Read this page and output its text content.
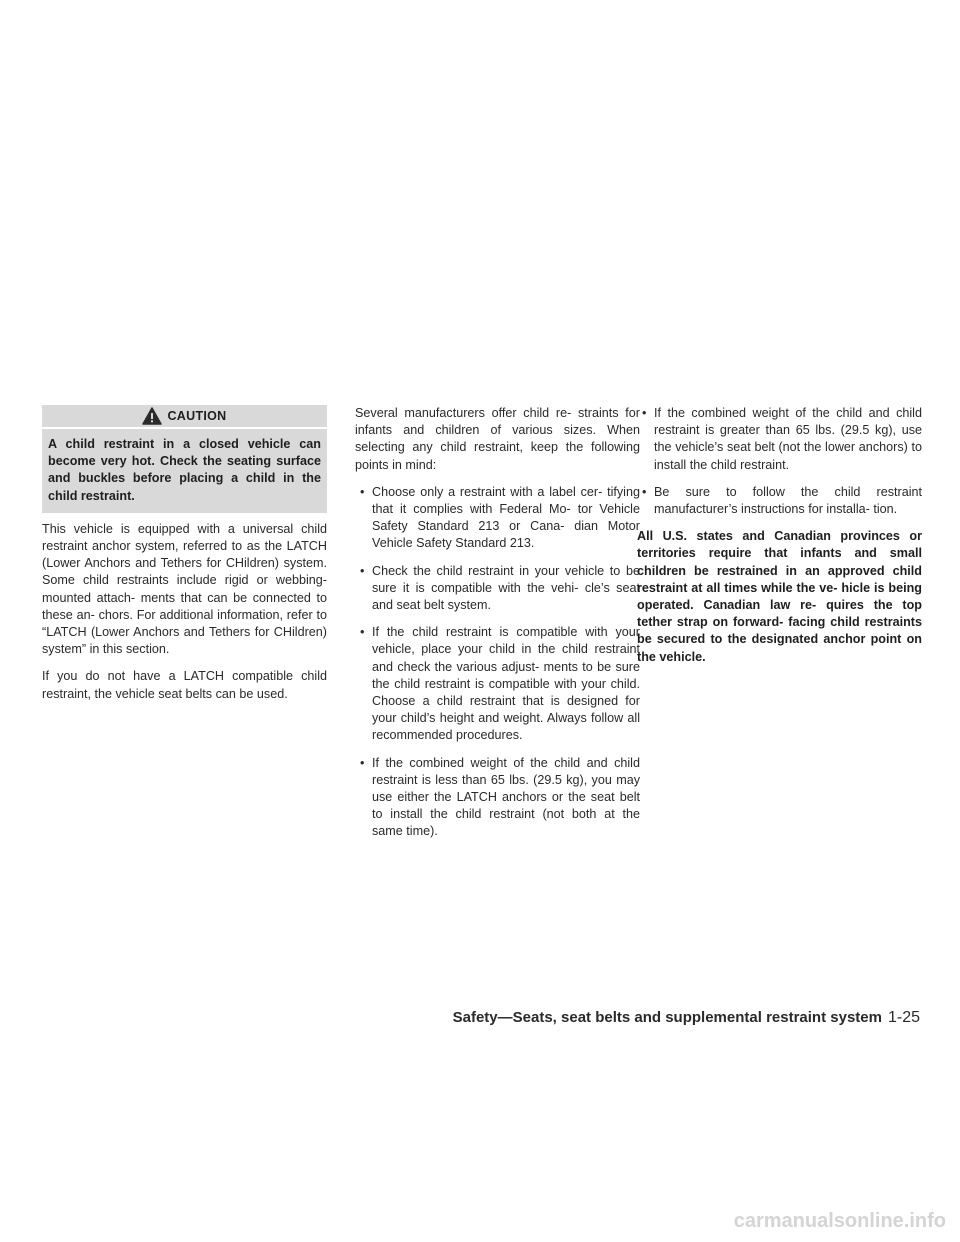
CAUTION
A child restraint in a closed vehicle can become very hot. Check the seating surface and buckles before placing a child in the child restraint.

This vehicle is equipped with a universal child restraint anchor system, referred to as the LATCH (Lower Anchors and Tethers for CHildren) system. Some child restraints include rigid or webbing-mounted attach- ments that can be connected to these an- chors. For additional information, refer to “LATCH (Lower Anchors and Tethers for CHildren) system” in this section.

If you do not have a LATCH compatible child restraint, the vehicle seat belts can be used.

Several manufacturers offer child re- straints for infants and children of various sizes. When selecting any child restraint, keep the following points in mind:

• Choose only a restraint with a label cer- tifying that it complies with Federal Mo- tor Vehicle Safety Standard 213 or Cana- dian Motor Vehicle Safety Standard 213.
• Check the child restraint in your vehicle to be sure it is compatible with the vehi- cle’s seat and seat belt system.
• If the child restraint is compatible with your vehicle, place your child in the child restraint and check the various adjust- ments to be sure the child restraint is compatible with your child. Choose a child restraint that is designed for your child’s height and weight. Always follow all recommended procedures.
• If the combined weight of the child and child restraint is less than 65 lbs. (29.5 kg), you may use either the LATCH anchors or the seat belt to install the child restraint (not both at the same time).
• If the combined weight of the child and child restraint is greater than 65 lbs. (29.5 kg), use the vehicle’s seat belt (not the lower anchors) to install the child restraint.
• Be sure to follow the child restraint manufacturer’s instructions for installa- tion.

All U.S. states and Canadian provinces or territories require that infants and small children be restrained in an approved child restraint at all times while the ve- hicle is being operated. Canadian law re- quires the top tether strap on forward- facing child restraints be secured to the designated anchor point on the vehicle.

Safety—Seats, seat belts and supplemental restraint system 1-25
carmanualsonline.info
